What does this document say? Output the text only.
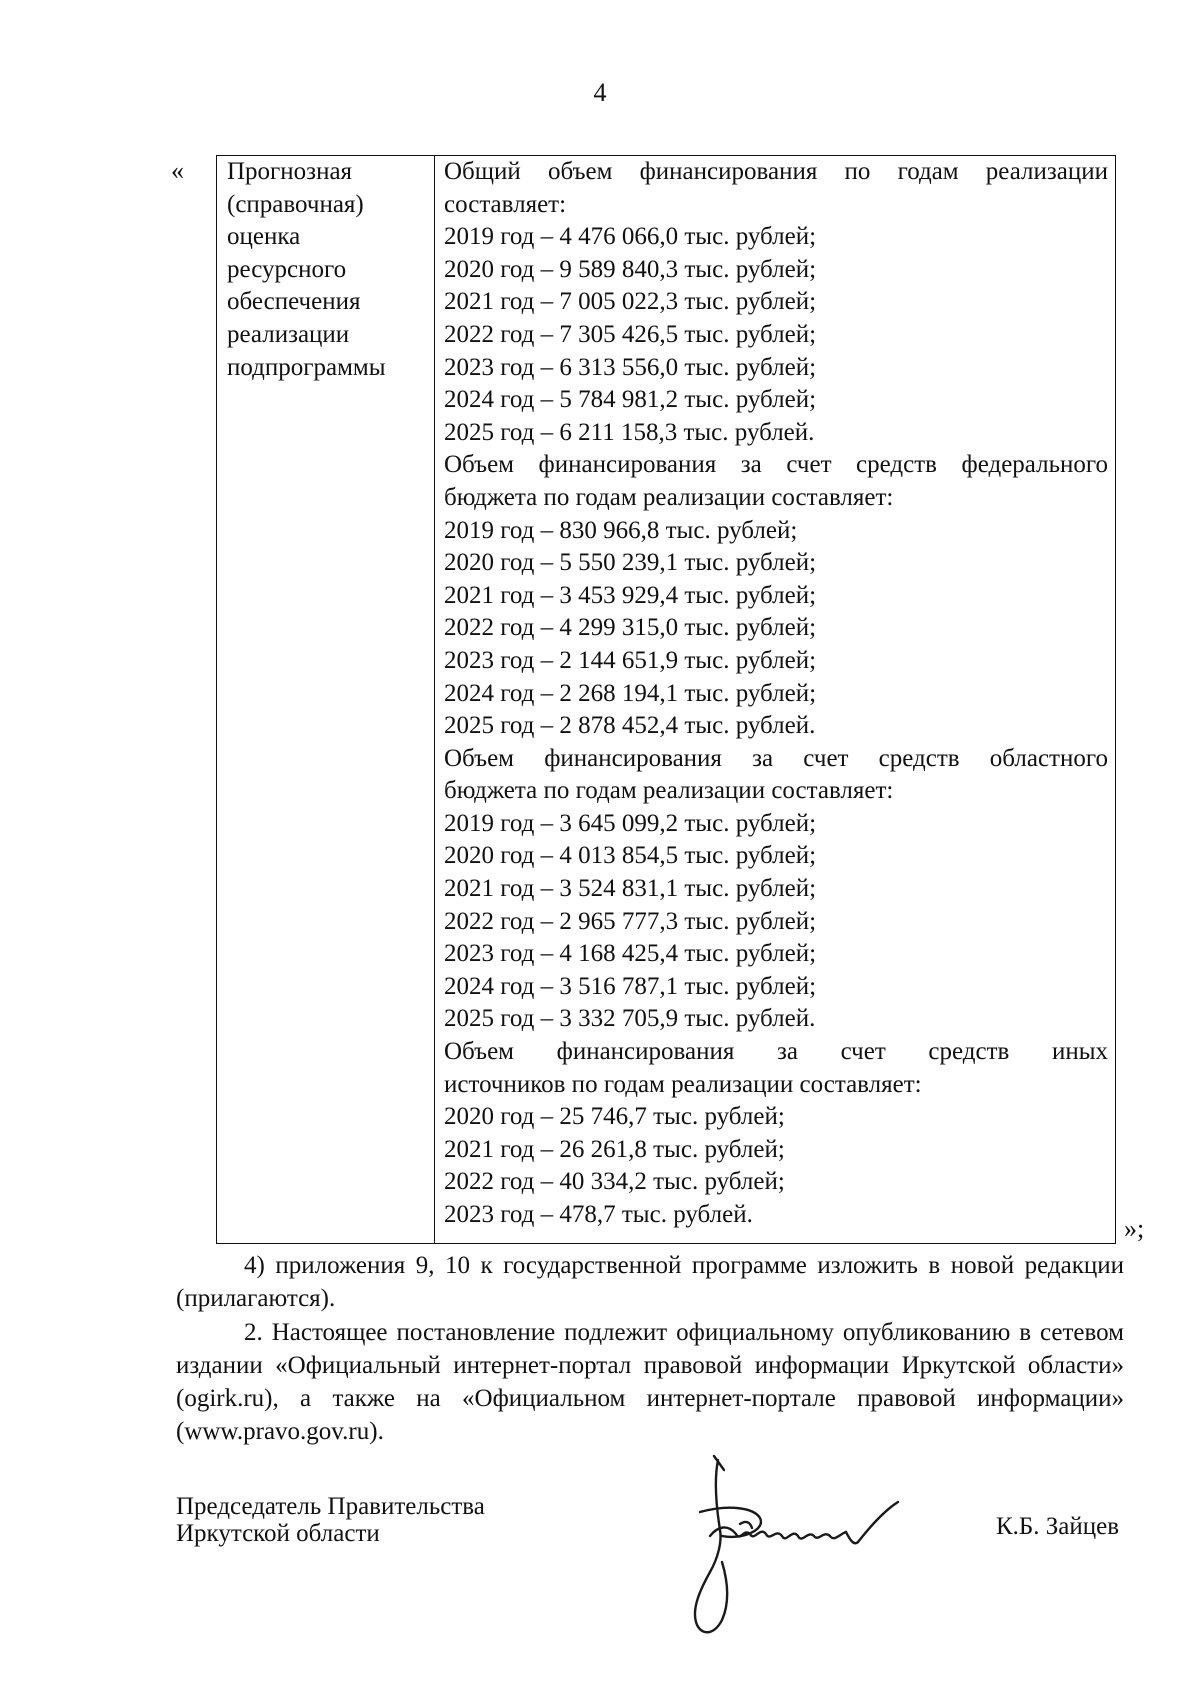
4
« Прогнозная
(справочная)
оценка
ресурсного
обеспечения
реализации
подпрограммы
Общий объем финансирования по годам реализации
составляет:
2019 год – 4 476 066,0 тыс. рублей;
2020 год – 9 589 840,3 тыс. рублей;
2021 год – 7 005 022,3 тыс. рублей;
2022 год – 7 305 426,5 тыс. рублей;
2023 год – 6 313 556,0 тыс. рублей;
2024 год – 5 784 981,2 тыс. рублей;
2025 год – 6 211 158,3 тыс. рублей.
Объем финансирования за счет средств федерального
бюджета по годам реализации составляет:
2019 год – 830 966,8 тыс. рублей;
2020 год – 5 550 239,1 тыс. рублей;
2021 год – 3 453 929,4 тыс. рублей;
2022 год – 4 299 315,0 тыс. рублей;
2023 год – 2 144 651,9 тыс. рублей;
2024 год – 2 268 194,1 тыс. рублей;
2025 год – 2 878 452,4 тыс. рублей.
Объем финансирования за счет средств областного
бюджета по годам реализации составляет:
2019 год – 3 645 099,2 тыс. рублей;
2020 год – 4 013 854,5 тыс. рублей;
2021 год – 3 524 831,1 тыс. рублей;
2022 год – 2 965 777,3 тыс. рублей;
2023 год – 4 168 425,4 тыс. рублей;
2024 год – 3 516 787,1 тыс. рублей;
2025 год – 3 332 705,9 тыс. рублей.
Объем финансирования за счет средств иных
источников по годам реализации составляет:
2020 год – 25 746,7 тыс. рублей;
2021 год – 26 261,8 тыс. рублей;
2022 год – 40 334,2 тыс. рублей;
2023 год – 478,7 тыс. рублей.	»;
4) приложения 9, 10 к государственной программе изложить в новой редакции (прилагаются).
2. Настоящее постановление подлежит официальному опубликованию в сетевом издании «Официальный интернет-портал правовой информации Иркутской области» (ogirk.ru), а также на «Официальном интернет-портале правовой информации» (www.pravo.gov.ru).
Председатель Правительства
Иркутской области	К.Б. Зайцев
